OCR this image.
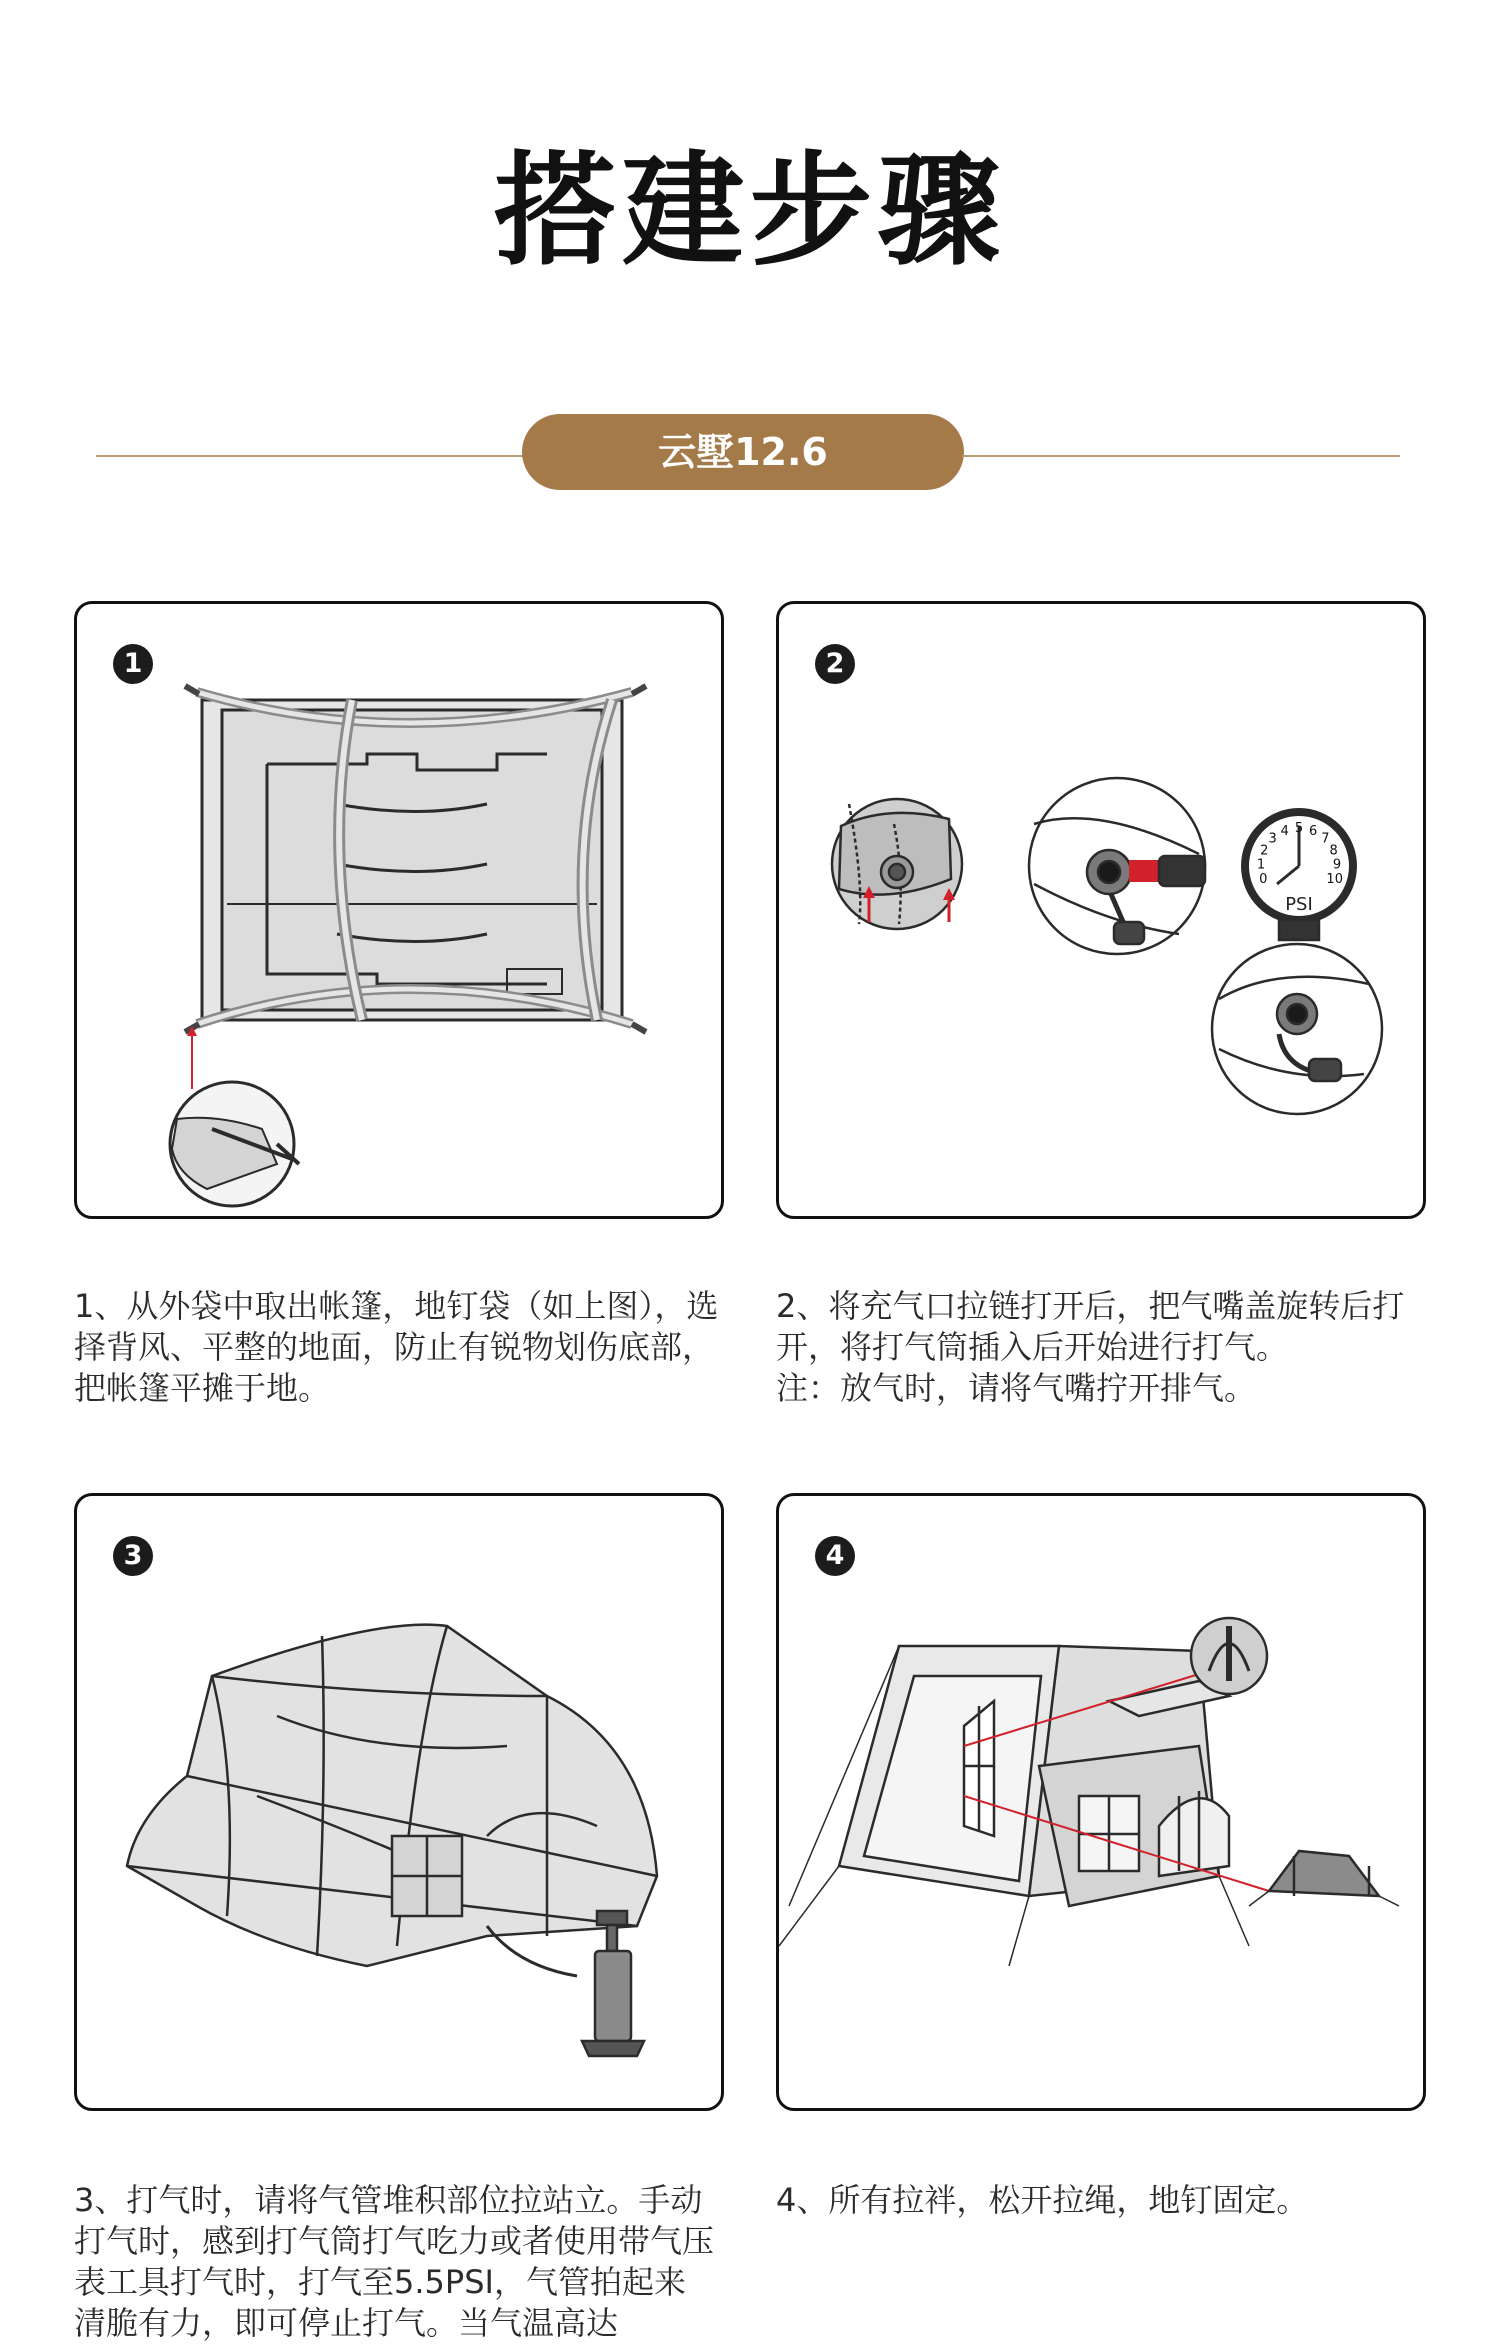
搭建步骤
云墅12.6
1	2
PSI
0
1
2
3
4 5 6
7
8
9
10
1、从外袋中取出帐篷，地钉袋（如上图），选择背风、平整的地面，防止有锐物划伤底部，把帐篷平摊于地。
2、将充气口拉链打开后，把气嘴盖旋转后打开，将打气筒插入后开始进行打气。
注：放气时，请将气嘴拧开排气。
3	4
3、打气时，请将气管堆积部位拉站立。手动打气时，感到打气筒打气吃力或者使用带气压表工具打气时，打气至5.5PSI，气管拍起来清脆有力，即可停止打气。当气温高达
4、所有拉袢，松开拉绳，地钉固定。
